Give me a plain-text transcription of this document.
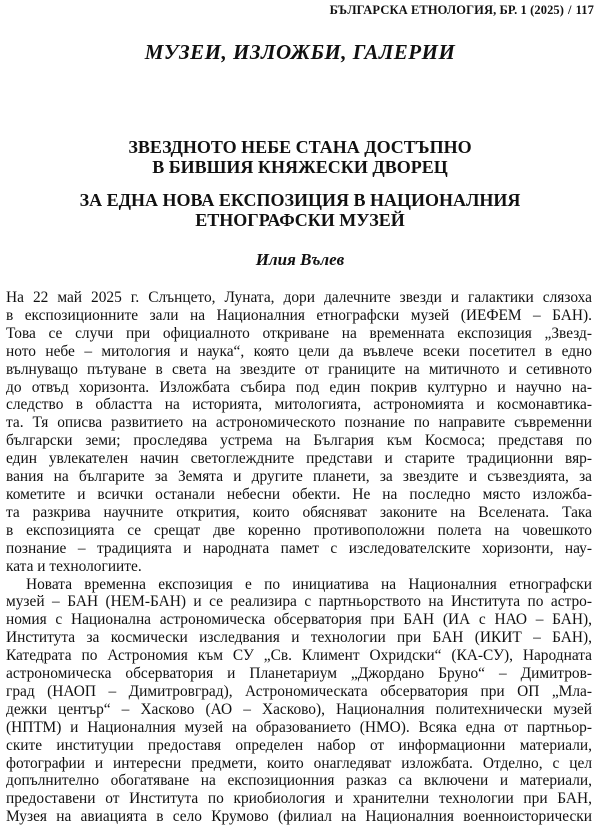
БЪЛГАРСКА ЕТНОЛОГИЯ, БР. 1 (2025) / 117
МУЗЕИ, ИЗЛОЖБИ, ГАЛЕРИИ
ЗВЕЗДНОТО НЕБЕ СТАНА ДОСТЪПНО
В БИВШИЯ КНЯЖЕСКИ ДВОРЕЦ
ЗА ЕДНА НОВА ЕКСПОЗИЦИЯ В НАЦИОНАЛНИЯ
ЕТНОГРАФСКИ МУЗЕЙ
Илия Вълев
На 22 май 2025 г. Слънцето, Луната, дори далечните звезди и галактики слязоха
в експозиционните зали на Националния етнографски музей (ИЕФЕМ – БАН).
Това се случи при официалното откриване на временната експозиция „Звезд-
ното небе – митология и наука“, която цели да въвлече всеки посетител в едно
вълнуващо пътуване в света на звездите от границите на митичното и сетивното
до отвъд хоризонта. Изложбата събира под един покрив културно и научно на-
следство в областта на историята, митологията, астрономията и космонавтика-
та. Тя описва развитието на астрономическото познание по направите съвременни
български земи; проследява устрема на България към Космоса; представя по
един увлекателен начин светоглеждните представи и старите традиционни вяр-
вания на българите за Земята и другите планети, за звездите и съзвездията, за
кометите и всички останали небесни обекти. Не на последно място изложба-
та разкрива научните открития, които обясняват законите на Вселената. Така
в експозицията се срещат две коренно противоположни полета на човешкото
познание – традицията и народната памет с изследователските хоризонти, нау-
ката и технологиите.
Новата временна експозиция е по инициатива на Националния етнографски
музей – БАН (НЕМ-БАН) и се реализира с партньорството на Института по астро-
номия с Национална астрономическа обсерватория при БАН (ИА с НАО – БАН),
Института за космически изследвания и технологии при БАН (ИКИТ – БАН),
Катедрата по Астрономия към СУ „Св. Климент Охридски“ (КА-СУ), Народната
астрономическа обсерватория и Планетариум „Джордано Бруно“ – Димитров-
град (НАОП – Димитровград), Астрономическата обсерватория при ОП „Мла-
дежки център“ – Хасково (АО – Хасково), Националния политехнически музей
(НПТМ) и Националния музей на образованието (НМО). Всяка една от партньор-
ските институции предоставя определен набор от информационни материали,
фотографии и интересни предмети, които онагледяват изложбата. Отделно, с цел
допълнително обогатяване на експозиционния разказ са включени и материали,
предоставени от Института по криобиология и хранителни технологии при БАН,
Музея на авиацията в село Крумово (филиал на Националния военноисторически
